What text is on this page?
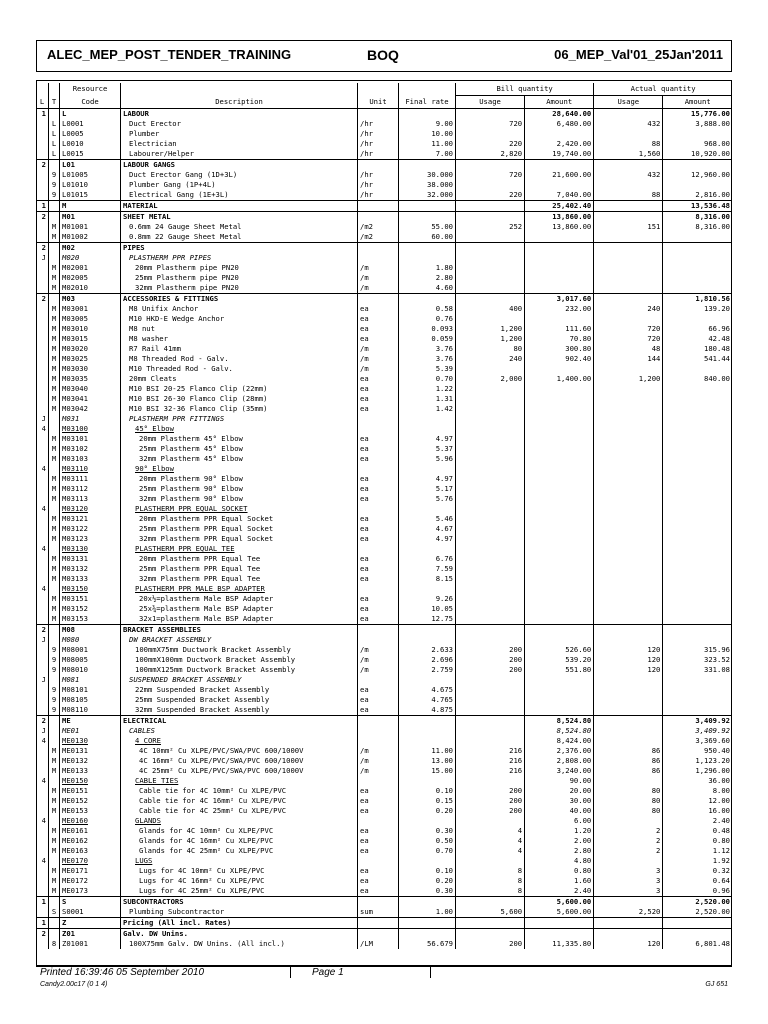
ALEC_MEP_POST_TENDER_TRAINING	BOQ	06_MEP_Val'01_25Jan'2011
		Resource				Bill quantity		Actual quantity	
L	T	Code	Description	Unit	Final rate	Usage	Amount	Usage	Amount
1		L	LABOUR				28,640.00		15,776.00
	L	L0001	Duct Erector	/hr	9.00	720	6,480.00	432	3,888.00
	L	L0005	Plumber	/hr	10.00				
	L	L0010	Electrician	/hr	11.00	220	2,420.00	88	968.00
	L	L0015	Labourer/Helper	/hr	7.00	2,820	19,740.00	1,560	10,920.00
2		L01	LABOUR GANGS						
	9	L01005	Duct Erector Gang (1D+3L)	/hr	30.000	720	21,600.00	432	12,960.00
	9	L01010	Plumber Gang (1P+4L)	/hr	38.000				
	9	L01015	Electrical Gang (1E+3L)	/hr	32.000	220	7,040.00	88	2,816.00
1		M	MATERIAL				25,402.40		13,536.48
2		M01	SHEET METAL				13,860.00		8,316.00
	M	M01001	0.6mm 24 Gauge Sheet Metal	/m2	55.00	252	13,860.00	151	8,316.00
	M	M01002	0.8mm 22 Gauge Sheet Metal	/m2	60.00				
2		M02	PIPES						
J		M020	PLASTHERM PPR PIPES						
	M	M02001	20mm Plastherm pipe PN20	/m	1.80				
	M	M02005	25mm Plastherm pipe PN20	/m	2.80				
	M	M02010	32mm Plastherm pipe PN20	/m	4.60				
2		M03	ACCESSORIES & FITTINGS				3,017.60		1,810.56
	M	M03001	M8 Unifix Anchor	ea	0.58	400	232.00	240	139.20
	M	M03005	M10 HKD-E Wedge Anchor	ea	0.76				
	M	M03010	M8 nut	ea	0.093	1,200	111.60	720	66.96
	M	M03015	M8 washer	ea	0.059	1,200	70.80	720	42.48
	M	M03020	R7 Rail 41mm	/m	3.76	80	300.80	48	180.48
	M	M03025	M8 Threaded Rod - Galv.	/m	3.76	240	902.40	144	541.44
	M	M03030	M10 Threaded Rod - Galv.	/m	5.39				
	M	M03035	20mm Cleats	ea	0.70	2,000	1,400.00	1,200	840.00
	M	M03040	M10 BSI 20-25 Flamco Clip (22mm)	ea	1.22				
	M	M03041	M10 BSI 26-30 Flamco Clip (28mm)	ea	1.31				
	M	M03042	M10 BSI 32-36 Flamco Clip (35mm)	ea	1.42				
J		M031	PLASTHERM PPR FITTINGS						
4		M03100	45° Elbow						
	M	M03101	20mm Plastherm 45° Elbow	ea	4.97				
	M	M03102	25mm Plastherm 45° Elbow	ea	5.37				
	M	M03103	32mm Plastherm 45° Elbow	ea	5.96				
4		M03110	90° Elbow						
	M	M03111	20mm Plastherm 90° Elbow	ea	4.97				
	M	M03112	25mm Plastherm 90° Elbow	ea	5.17				
	M	M03113	32mm Plastherm 90° Elbow	ea	5.76				
4		M03120	PLASTHERM PPR EQUAL SOCKET						
	M	M03121	20mm Plastherm PPR Equal Socket	ea	5.46				
	M	M03122	25mm Plastherm PPR Equal Socket	ea	4.67				
	M	M03123	32mm Plastherm PPR Equal Socket	ea	4.97				
4		M03130	PLASTHERM PPR EQUAL TEE						
	M	M03131	20mm Plastherm PPR Equal Tee	ea	6.76				
	M	M03132	25mm Plastherm PPR Equal Tee	ea	7.59				
	M	M03133	32mm Plastherm PPR Equal Tee	ea	8.15				
4		M03150	PLASTHERM PPR MALE BSP ADAPTER						
	M	M03151	20x½=plastherm Male BSP Adapter	ea	9.26				
	M	M03152	25x¾=plastherm Male BSP Adapter	ea	10.05				
	M	M03153	32x1=plastherm Male BSP Adapter	ea	12.75				
2		M08	BRACKET ASSEMBLIES						
J		M080	DW BRACKET ASSEMBLY						
	9	M08001	100mmX75mm Ductwork Bracket Assembly	/m	2.633	200	526.60	120	315.96
	9	M08005	100mmX100mm Ductwork Bracket Assembly	/m	2.696	200	539.20	120	323.52
	9	M08010	100mmX125mm Ductwork Bracket Assembly	/m	2.759	200	551.80	120	331.08
J		M081	SUSPENDED BRACKET ASSEMBLY						
	9	M08101	22mm Suspended Bracket Assembly	ea	4.675				
	9	M08105	25mm Suspended Bracket Assembly	ea	4.765				
	9	M08110	32mm Suspended Bracket Assembly	ea	4.875				
2		ME	ELECTRICAL				8,524.80		3,409.92
J		ME01	CABLES				8,524.80		3,409.92
4		ME0130	4 CORE				8,424.00		3,369.60
	M	ME0131	4C 10mm² Cu XLPE/PVC/SWA/PVC 600/1000V	/m	11.00	216	2,376.00	86	950.40
	M	ME0132	4C 16mm² Cu XLPE/PVC/SWA/PVC 600/1000V	/m	13.00	216	2,808.00	86	1,123.20
	M	ME0133	4C 25mm² Cu XLPE/PVC/SWA/PVC 600/1000V	/m	15.00	216	3,240.00	86	1,296.00
4		ME0150	CABLE TIES				90.00		36.00
	M	ME0151	Cable tie for 4C 10mm² Cu XLPE/PVC	ea	0.10	200	20.00	80	8.00
	M	ME0152	Cable tie for 4C 16mm² Cu XLPE/PVC	ea	0.15	200	30.00	80	12.00
	M	ME0153	Cable tie for 4C 25mm² Cu XLPE/PVC	ea	0.20	200	40.00	80	16.00
4		ME0160	GLANDS				6.00		2.40
	M	ME0161	Glands for 4C 10mm² Cu XLPE/PVC	ea	0.30	4	1.20	2	0.48
	M	ME0162	Glands for 4C 16mm² Cu XLPE/PVC	ea	0.50	4	2.00	2	0.80
	M	ME0163	Glands for 4C 25mm² Cu XLPE/PVC	ea	0.70	4	2.80	2	1.12
4		ME0170	LUGS				4.80		1.92
	M	ME0171	Lugs for 4C 10mm² Cu XLPE/PVC	ea	0.10	8	0.80	3	0.32
	M	ME0172	Lugs for 4C 16mm² Cu XLPE/PVC	ea	0.20	8	1.60	3	0.64
	M	ME0173	Lugs for 4C 25mm² Cu XLPE/PVC	ea	0.30	8	2.40	3	0.96
1		S	SUBCONTRACTORS				5,600.00		2,520.00
	S	S0001	Plumbing Subcontractor	sum	1.00	5,600	5,600.00	2,520	2,520.00
1		Z	Pricing (All incl. Rates)						
2		Z01	Galv. DW Unins.						
	8	Z01001	100X75mm Galv. DW Unins. (All incl.)	/LM	56.679	200	11,335.80	120	6,801.48
Printed 16:39:46 05 September 2010	Page 1
Candy2.00c17 (0 1 4)	GJ 651
